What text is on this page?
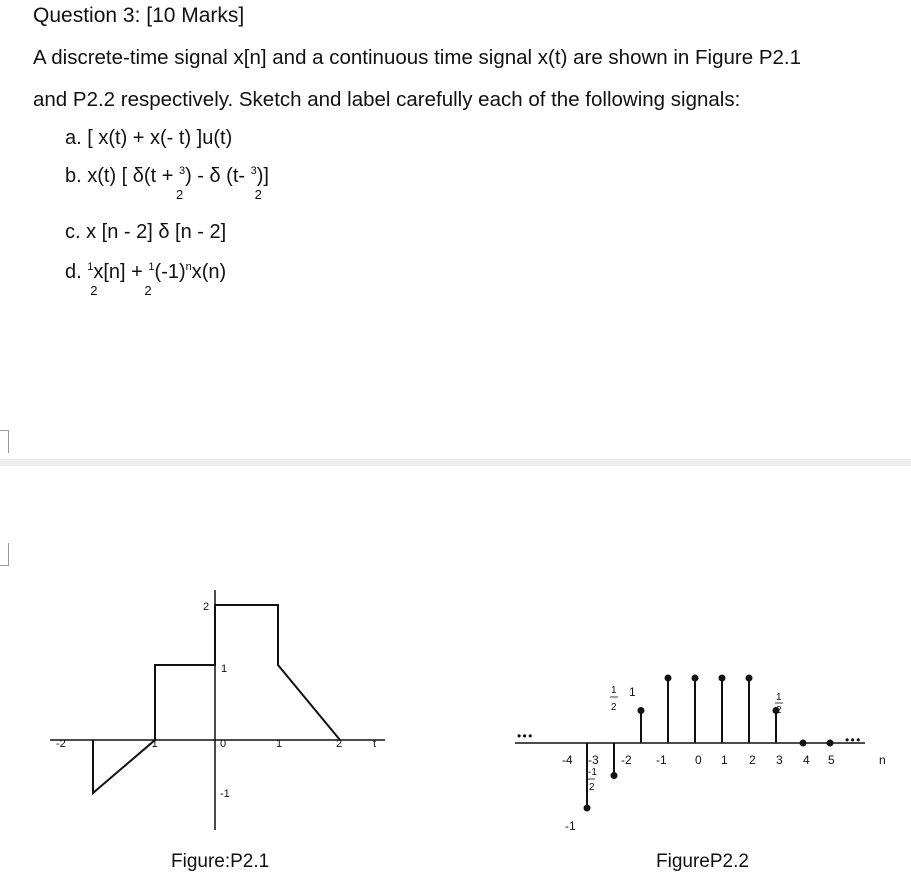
Question 3: [10 Marks]
A discrete-time signal x[n] and a continuous time signal x(t) are shown in Figure P2.1
and P2.2 respectively. Sketch and label carefully each of the following signals:
a. [ x(t) + x(- t) ]u(t)
b. x(t) [ δ(t + $^3$
2
) - δ (t- $^3$
2
)]
c. x [n - 2] δ [n - 2]
d. $^1$
2
x[n] + $^1$
2
$(-1)^nx(n)$
-2	-1	0	1	2	t
2
1
-1
Figure:P2.1
• • •	• • •
n
-4 -3 -2 -1 0 1 2 3 4 5
1
-1
1
2
1
2
-1
2
FigureP2.2
